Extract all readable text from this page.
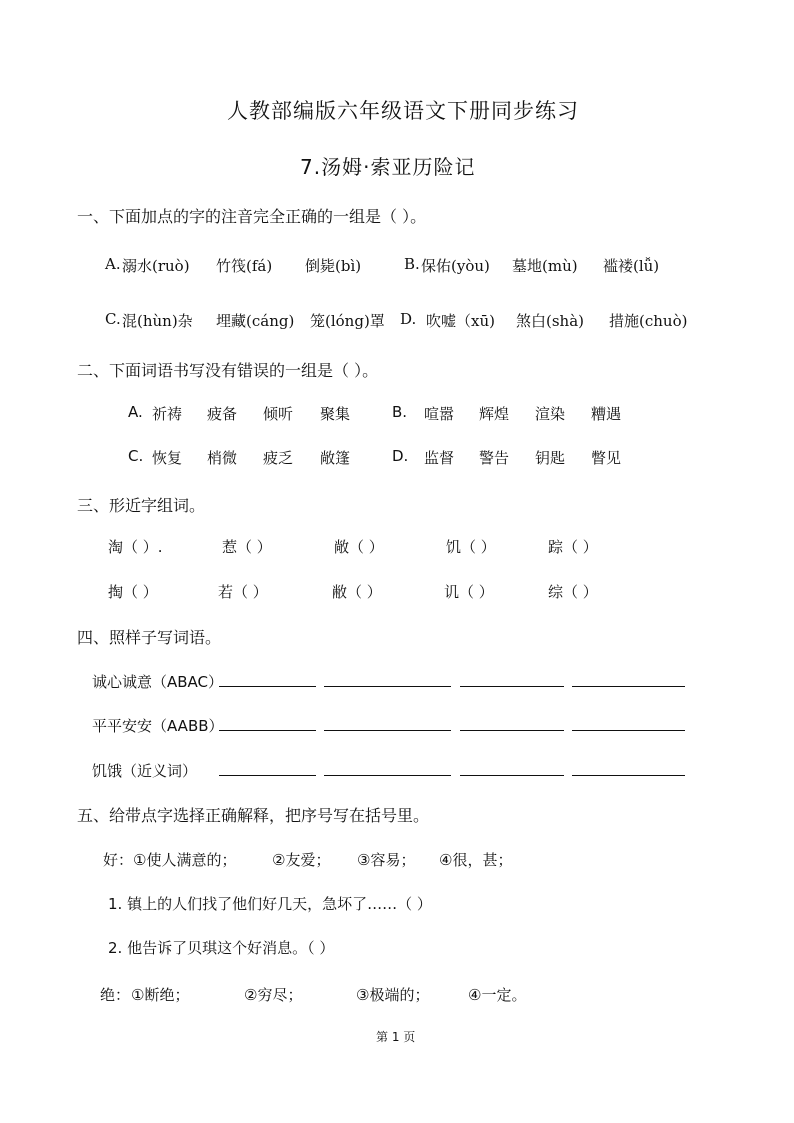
人教部编版六年级语文下册同步练习
7.汤姆·索亚历险记
一、下面加点的字的注音完全正确的一组是（ ）。
A. 溺水(ruò) 竹筏(fá) 倒毙(bì)	B. 保佑(yòu) 墓地(mù) 褴褛(lǚ)
C. 混(hùn)杂 埋藏(cáng) 笼(lóng)罩 D. 吹嘘（xū) 煞白(shà) 措施(chuò)
二、下面词语书写没有错误的一组是（ ）。
A. 祈祷 疲备 倾听 聚集	B. 喧嚣 辉煌 渲染 糟遇
C. 恢复 梢微 疲乏 敞篷	D. 监督 警告 钥匙 瞥见
三、形近字组词。
淘（ ）.	惹（ ）	敞（ ）	饥（ ）	踪（ ）
掏（ ）	若（ ）	敝（ ）	讥（ ）	综（ ）
四、照样子写词语。
诚心诚意（ABAC）
平平安安（AABB）
饥饿（近义词）
五、给带点字选择正确解释，把序号写在括号里。
好： ①使人满意的； ②友爱； ③容易； ④很，甚；
1. 镇上的人们找了他们好几天，急坏了……（ ）
2. 他告诉了贝琪这个好消息。（ ）
绝： ①断绝；	②穷尽；	③极端的；	④一定。
第 1 页
